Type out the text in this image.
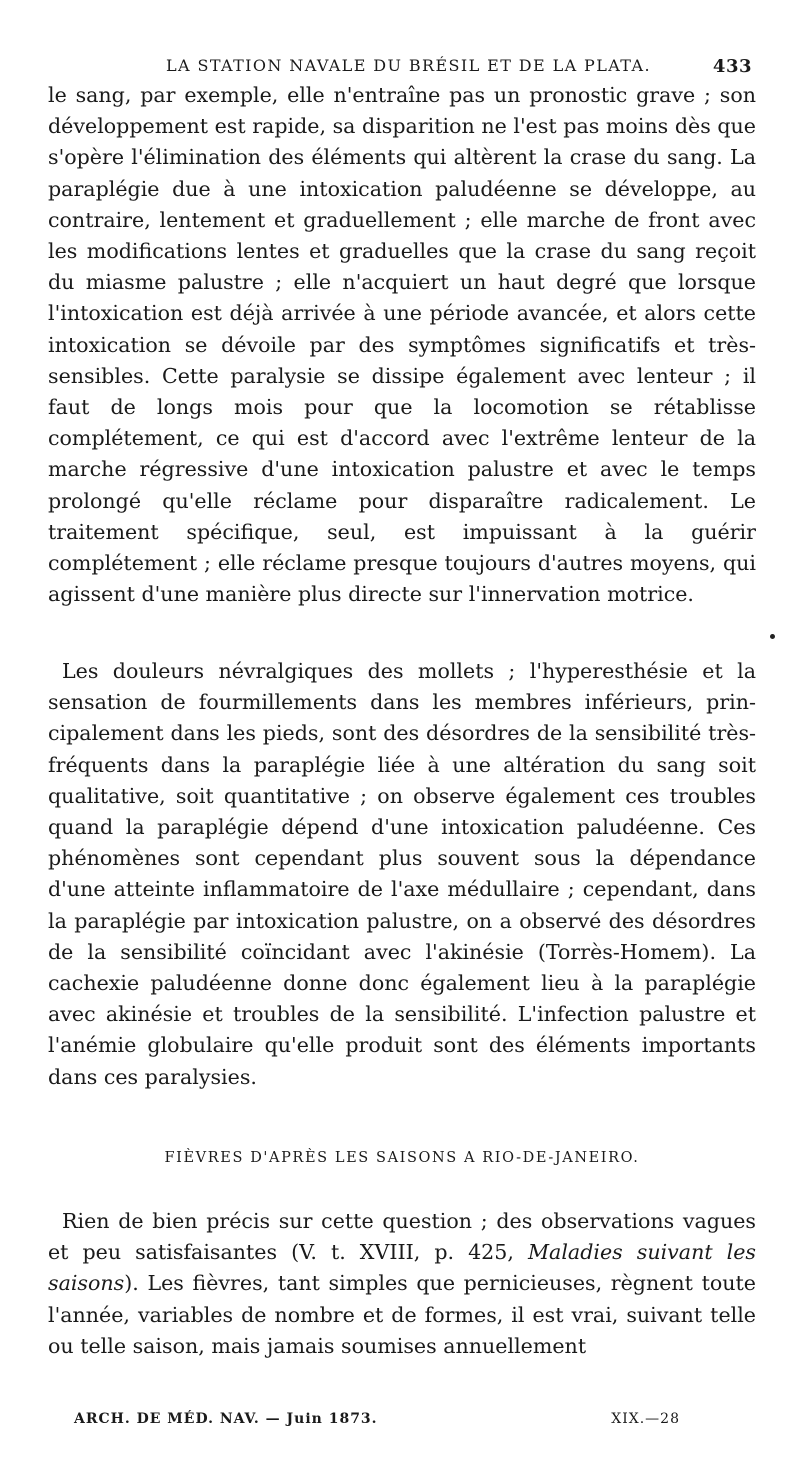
LA STATION NAVALE DU BRÉSIL ET DE LA PLATA.	433

le sang, par exemple, elle n'entraîne pas un pronostic grave ; son développement est rapide, sa disparition ne l'est pas moins dès que s'opère l'élimination des éléments qui altèrent la crase du sang. La paraplégie due à une intoxication paludéenne se développe, au contraire, lentement et graduellement ; elle marche de front avec les modifications lentes et graduelles que la crase du sang reçoit du miasme palustre ; elle n'acquiert un haut degré que lorsque l'intoxication est déjà arrivée à une période avancée, et alors cette intoxication se dévoile par des symptômes significatifs et très-sensibles. Cette paralysie se dissipe également avec lenteur ; il faut de longs mois pour que la locomotion se rétablisse complétement, ce qui est d'accord avec l'extrême lenteur de la marche régressive d'une intoxication palustre et avec le temps prolongé qu'elle réclame pour disparaître radicalement. Le traitement spécifique, seul, est impuissant à la guérir complétement ; elle réclame presque toujours d'autres moyens, qui agissent d'une manière plus directe sur l'innervation motrice.

Les douleurs névralgiques des mollets ; l'hyperesthésie et la sensation de fourmillements dans les membres inférieurs, principalement dans les pieds, sont des désordres de la sensibilité très-fréquents dans la paraplégie liée à une altération du sang soit qualitative, soit quantitative ; on observe également ces troubles quand la paraplégie dépend d'une intoxication paludéenne. Ces phénomènes sont cependant plus souvent sous la dépendance d'une atteinte inflammatoire de l'axe médullaire ; cependant, dans la paraplégie par intoxication palustre, on a observé des désordres de la sensibilité coïncidant avec l'akinésie (Torrès-Homem). La cachexie paludéenne donne donc également lieu à la paraplégie avec akinésie et troubles de la sensibilité. L'infection palustre et l'anémie globulaire qu'elle produit sont des éléments importants dans ces paralysies.

FIÈVRES D'APRÈS LES SAISONS A RIO-DE-JANEIRO.

Rien de bien précis sur cette question ; des observations vagues et peu satisfaisantes (V. t. XVIII, p. 425, Maladies suivant les saisons). Les fièvres, tant simples que pernicieuses, règnent toute l'année, variables de nombre et de formes, il est vrai, suivant telle ou telle saison, mais jamais soumises annuellement

ARCH. DE MÉD. NAV. — Juin 1873.	XIX.—28
